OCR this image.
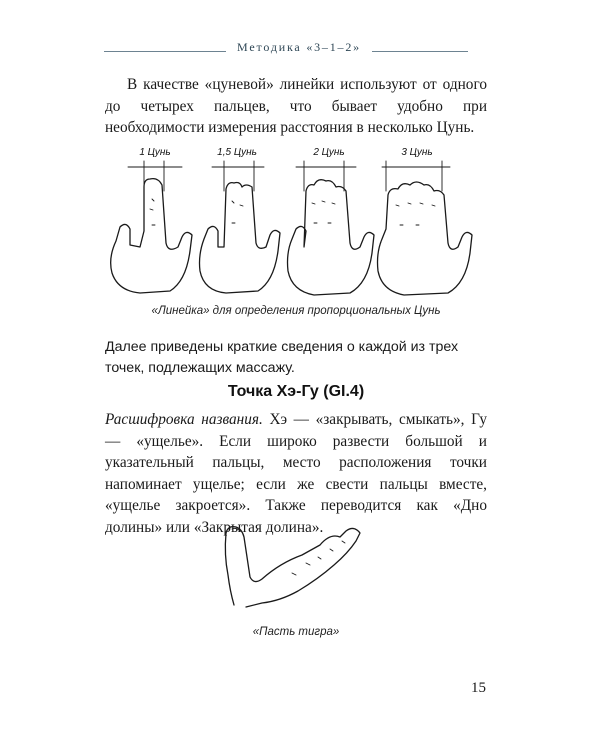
Методика «3–1–2»

В качестве «цуневой» линейки используют от одного до четырех пальцев, что бывает удобно при необходимости измерения расстояния в несколько Цунь.

1 Цунь	1,5 Цунь	2 Цунь	3 Цунь

«Линейка» для определения пропорциональных Цунь

Далее приведены краткие сведения о каждой из трех точек, подлежащих массажу.

Точка Хэ-Гу (GI.4)

Расшифровка названия. Хэ — «закрывать, смыкать», Гу — «ущелье». Если широко развести большой и указательный пальцы, место расположения точки напоминает ущелье; если же свести пальцы вместе, «ущелье закроется». Также переводится как «Дно долины» или «Закрытая долина».

«Пасть тигра»

15
